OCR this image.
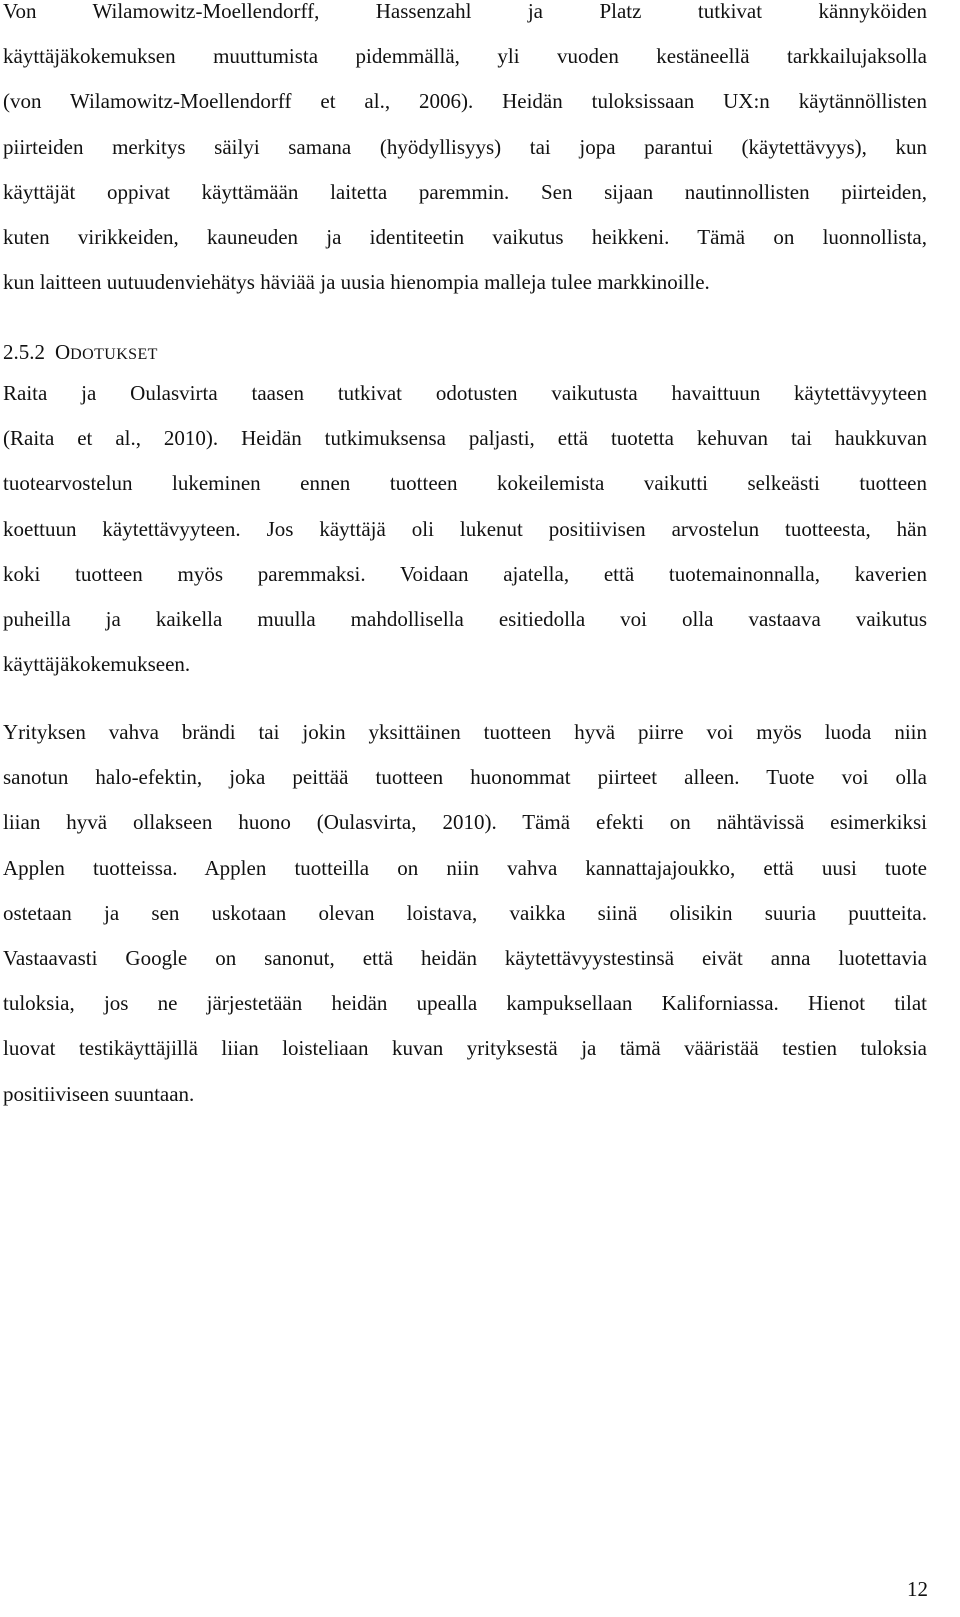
Von Wilamowitz-Moellendorff, Hassenzahl ja Platz tutkivat kännyköiden
käyttäjäkokemuksen muuttumista pidemmällä, yli vuoden kestäneellä tarkkailujaksolla
(von Wilamowitz-Moellendorff et al., 2006). Heidän tuloksissaan UX:n käytännöllisten
piirteiden merkitys säilyi samana (hyödyllisyys) tai jopa parantui (käytettävyys), kun
käyttäjät oppivat käyttämään laitetta paremmin. Sen sijaan nautinnollisten piirteiden,
kuten virikkeiden, kauneuden ja identiteetin vaikutus heikkeni. Tämä on luonnollista,
kun laitteen uutuudenviehätys häviää ja uusia hienompia malleja tulee markkinoille.
2.5.2 ODOTUKSET
Raita ja Oulasvirta taasen tutkivat odotusten vaikutusta havaittuun käytettävyyteen
(Raita et al., 2010). Heidän tutkimuksensa paljasti, että tuotetta kehuvan tai haukkuvan
tuotearvostelun lukeminen ennen tuotteen kokeilemista vaikutti selkeästi tuotteen
koettuun käytettävyyteen. Jos käyttäjä oli lukenut positiivisen arvostelun tuotteesta, hän
koki tuotteen myös paremmaksi. Voidaan ajatella, että tuotemainonnalla, kaverien
puheilla ja kaikella muulla mahdollisella esitiedolla voi olla vastaava vaikutus
käyttäjäkokemukseen.
Yrityksen vahva brändi tai jokin yksittäinen tuotteen hyvä piirre voi myös luoda niin
sanotun halo-efektin, joka peittää tuotteen huonommat piirteet alleen. Tuote voi olla
liian hyvä ollakseen huono (Oulasvirta, 2010). Tämä efekti on nähtävissä esimerkiksi
Applen tuotteissa. Applen tuotteilla on niin vahva kannattajajoukko, että uusi tuote
ostetaan ja sen uskotaan olevan loistava, vaikka siinä olisikin suuria puutteita.
Vastaavasti Google on sanonut, että heidän käytettävyystestinsä eivät anna luotettavia
tuloksia, jos ne järjestetään heidän upealla kampuksellaan Kaliforniassa. Hienot tilat
luovat testikäyttäjillä liian loisteliaan kuvan yrityksestä ja tämä vääristää testien tuloksia
positiiviseen suuntaan.
12
